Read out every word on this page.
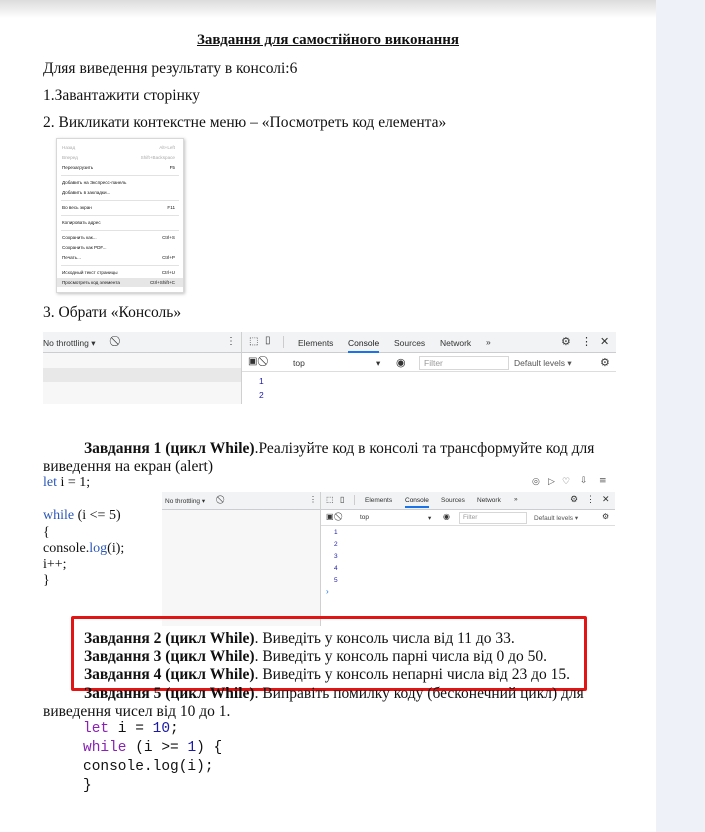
Завдання для самостійного виконання
Дляя виведення результату в консолі:6
1.Завантажити сторінку
2. Викликати контекстне меню – «Посмотреть код елемента»
Назад	Alt+Left
Вперед	Shift+Backspace
Перезагрузить	F5
Добавить на Экспресс-панель
Добавить в закладки...
Во весь экран	F11
Копировать адрес
Сохранить как...	Ctrl+S
Сохранить как PDF...
Печать...	Ctrl+P
Исходный текст страницы	Ctrl+U
Просмотреть код элемента	Ctrl+Shift+C
3. Обрати «Консоль»
No throttling ▾	⋮ ⬚ ▯	Elements Console Sources Network »	⚙ ⋮ ✕
▣	top	▾ ◉ Filter	Default levels ▾	⚙
1
2
Завдання 1 (цикл While).Реалізуйте код в консолі та трансформуйте код для
виведення на екран (alert)
let i = 1;
while (i <= 5)
{
console.log(i);
i++;
}
◎ ▷ ♡ ⇩ ≡
No throttling ▾	⋮ ⬚ ▯	Elements Console Sources Network »	⚙ ⋮ ✕
▣	top	▾ ◉ Filter	Default levels ▾	⚙
1
2
3
4
5
›
Завдання 2 (цикл While). Виведіть у консоль числа від 11 до 33.
Завдання 3 (цикл While). Виведіть у консоль парні числа від 0 до 50.
Завдання 4 (цикл While). Виведіть у консоль непарні числа від 23 до 15.
Завдання 5 (цикл While). Виправіть помилку коду (бесконечний цикл) для
виведення чисел від 10 до 1.
let i = 10;
while (i >= 1) {
console.log(i);
}
